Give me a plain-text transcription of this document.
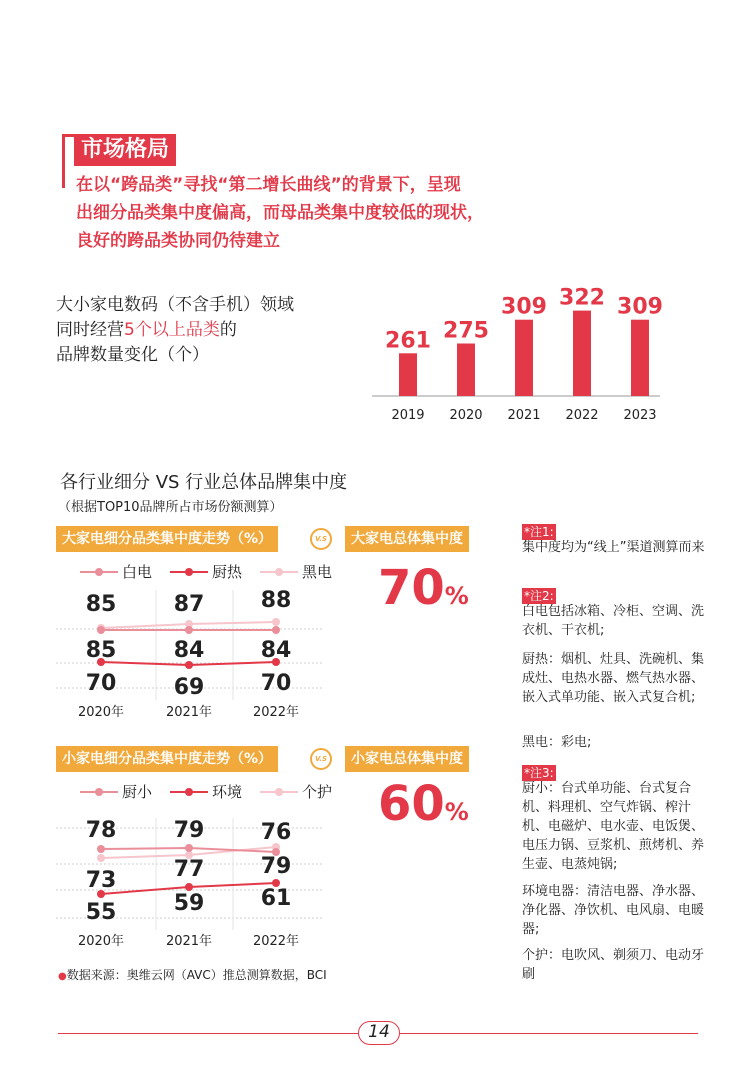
市场格局
在以“跨品类”寻找“第二增长曲线”的背景下，呈现
出细分品类集中度偏高，而母品类集中度较低的现状，
良好的跨品类协同仍待建立
大小家电数码（不含手机）领域
同时经营5个以上品类的
品牌数量变化（个）
261
2019
275
2020
309
2021
322
2022
309
2023
各行业细分 VS 行业总体品牌集中度
（根据TOP10品牌所占市场份额测算）
大家电细分品类集中度走势（%）	V.S	大家电总体集中度
70%
白电	厨热	黑电
85	87	88
85	84	84
70	69	70
2020年	2021年	2022年
小家电细分品类集中度走势（%）	V.S	小家电总体集中度
60%
厨小	环境	个护
78	79	76
73	77	79
55	59	61
2020年	2021年	2022年
*注1:
集中度均为“线上”渠道测算而来
*注2:
白电包括冰箱、冷柜、空调、洗衣机、干衣机;
厨热：烟机、灶具、洗碗机、集成灶、电热水器、燃气热水器、嵌入式单功能、嵌入式复合机;
黑电：彩电;
*注3:
厨小：台式单功能、台式复合机、料理机、空气炸锅、榨汁机、电磁炉、电水壶、电饭煲、电压力锅、豆浆机、煎烤机、养生壶、电蒸炖锅;
环境电器：清洁电器、净水器、净化器、净饮机、电风扇、电暖器;
个护：电吹风、剃须刀、电动牙刷
●数据来源：奥维云网（AVC）推总测算数据，BCI
14
